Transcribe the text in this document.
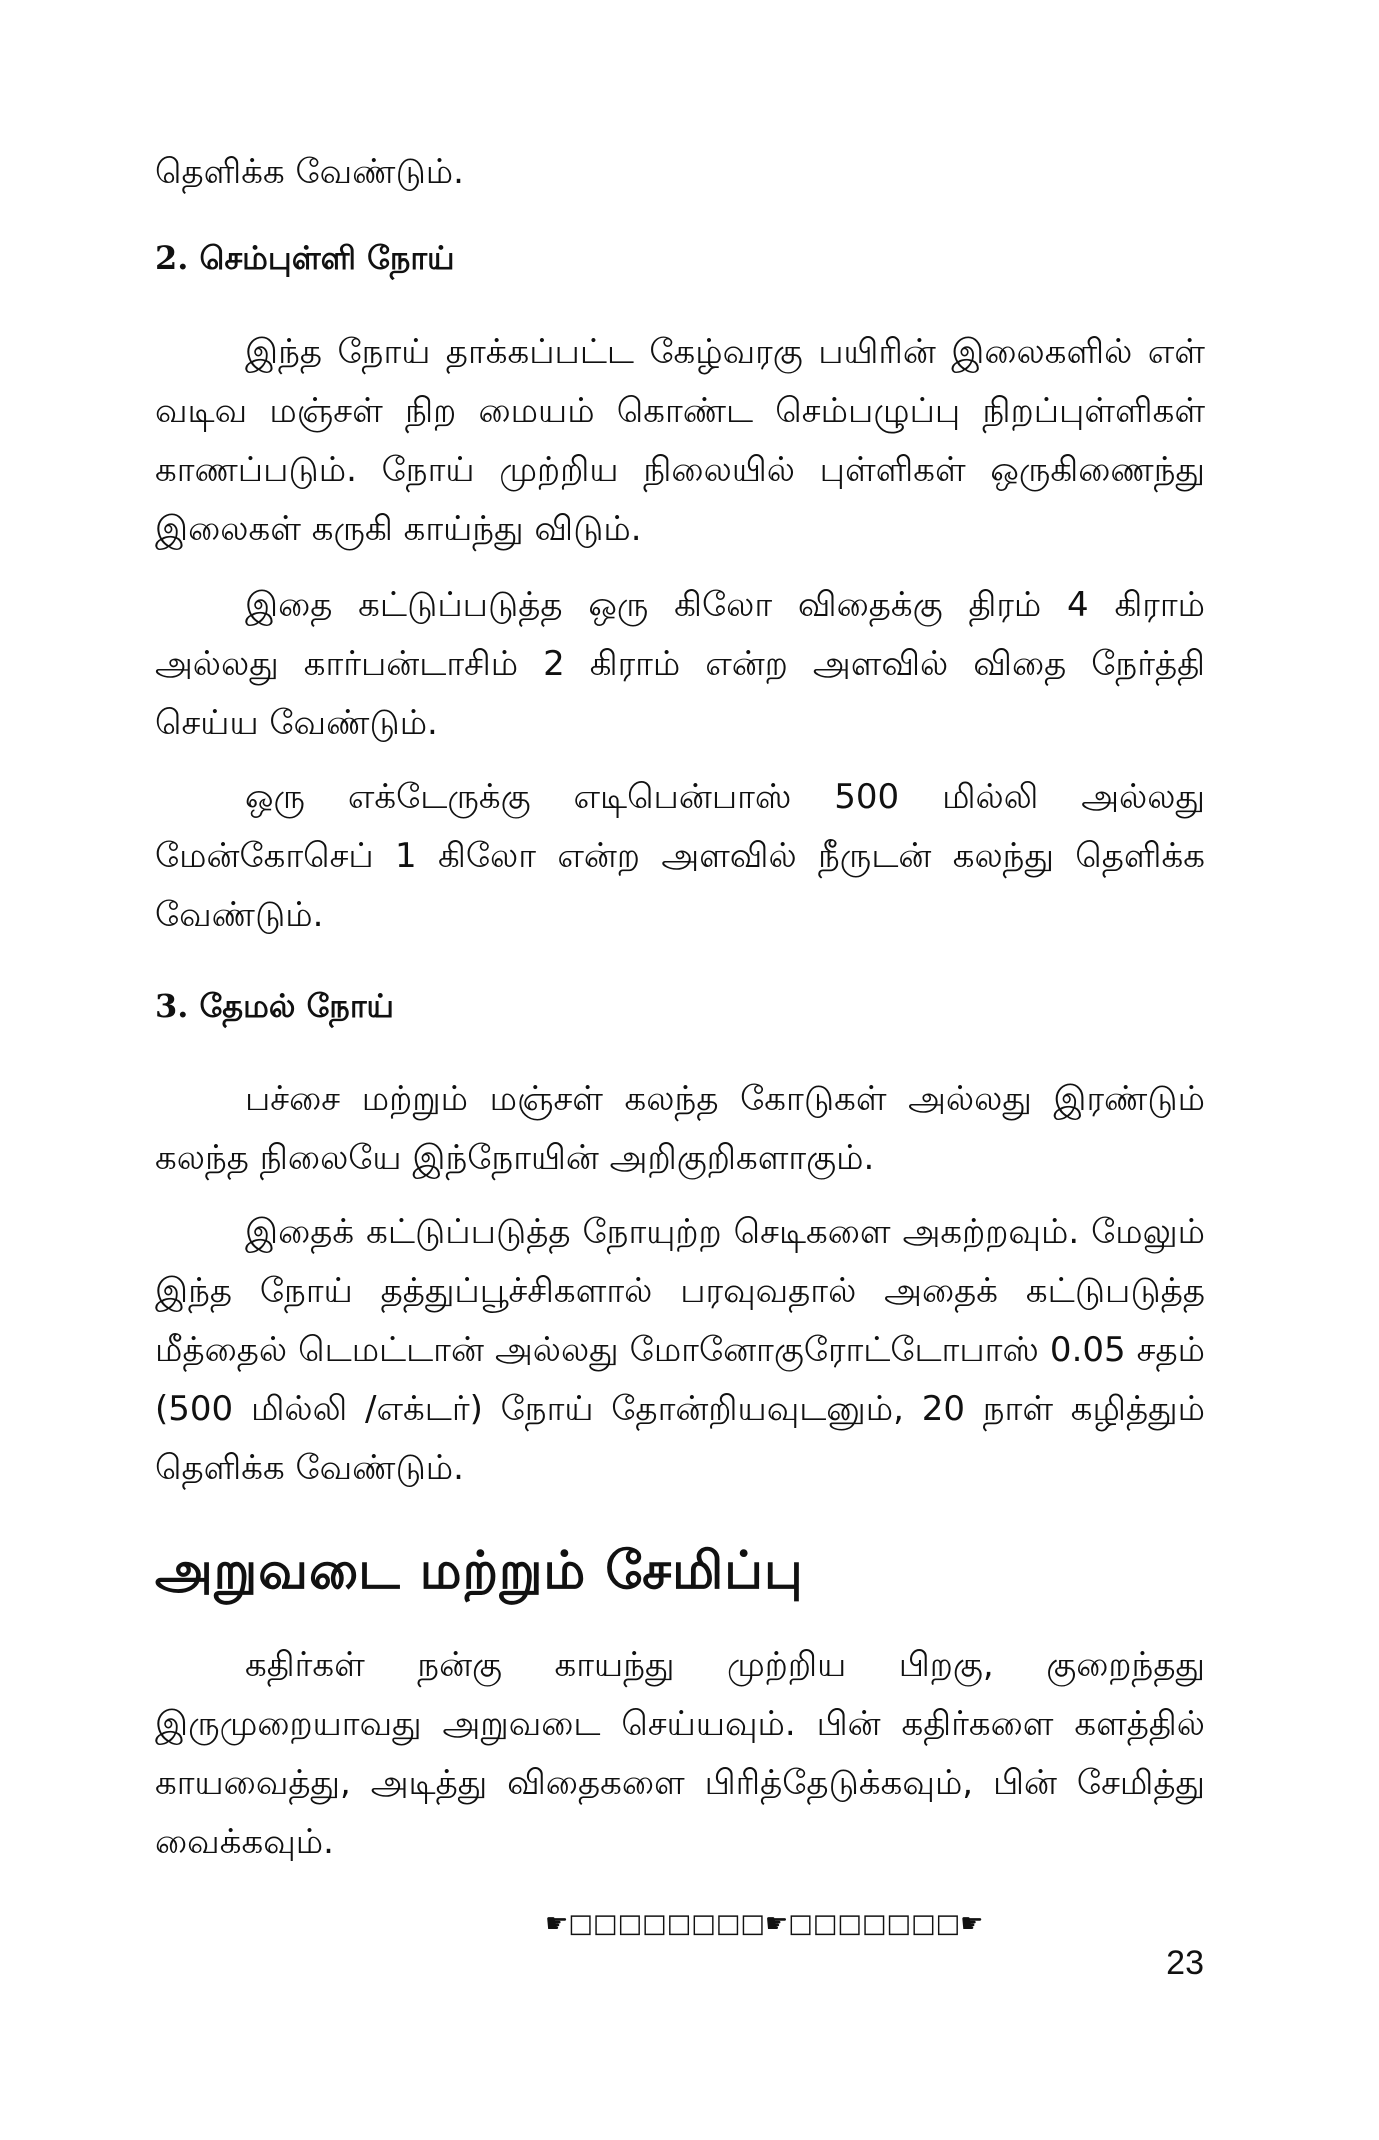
தெளிக்க வேண்டும்.

2. செம்புள்ளி நோய்

இந்த நோய் தாக்கப்பட்ட கேழ்வரகு பயிரின் இலைகளில் எள் வடிவ மஞ்சள் நிற மையம் கொண்ட செம்பழுப்பு நிறப்புள்ளிகள் காணப்படும். நோய் முற்றிய நிலையில் புள்ளிகள் ஒருகிணைந்து இலைகள் கருகி காய்ந்து விடும்.

இதை கட்டுப்படுத்த ஒரு கிலோ விதைக்கு திரம் 4 கிராம் அல்லது கார்பன்டாசிம் 2 கிராம் என்ற அளவில் விதை நேர்த்தி செய்ய வேண்டும்.

ஒரு எக்டேருக்கு எடிபென்பாஸ் 500 மில்லி அல்லது மேன்கோசெப் 1 கிலோ என்ற அளவில் நீருடன் கலந்து தெளிக்க வேண்டும்.

3. தேமல் நோய்

பச்சை மற்றும் மஞ்சள் கலந்த கோடுகள் அல்லது இரண்டும் கலந்த நிலையே இந்நோயின் அறிகுறிகளாகும்.

இதைக் கட்டுப்படுத்த நோயுற்ற செடிகளை அகற்றவும். மேலும் இந்த நோய் தத்துப்பூச்சிகளால் பரவுவதால் அதைக் கட்டுபடுத்த மீத்தைல் டெமட்டான் அல்லது மோனோகுரோட்டோபாஸ் 0.05 சதம் (500 மில்லி /எக்டர்) நோய் தோன்றியவுடனும், 20 நாள் கழித்தும் தெளிக்க வேண்டும்.

அறுவடை மற்றும் சேமிப்பு

கதிர்கள் நன்கு காயந்து முற்றிய பிறகு, குறைந்தது இருமுறையாவது அறுவடை செய்யவும். பின் கதிர்களை களத்தில் காயவைத்து, அடித்து விதைகளை பிரித்தேடுக்கவும், பின் சேமித்து வைக்கவும்.

☛□□□□□□□□☛□□□□□□□☛
23
